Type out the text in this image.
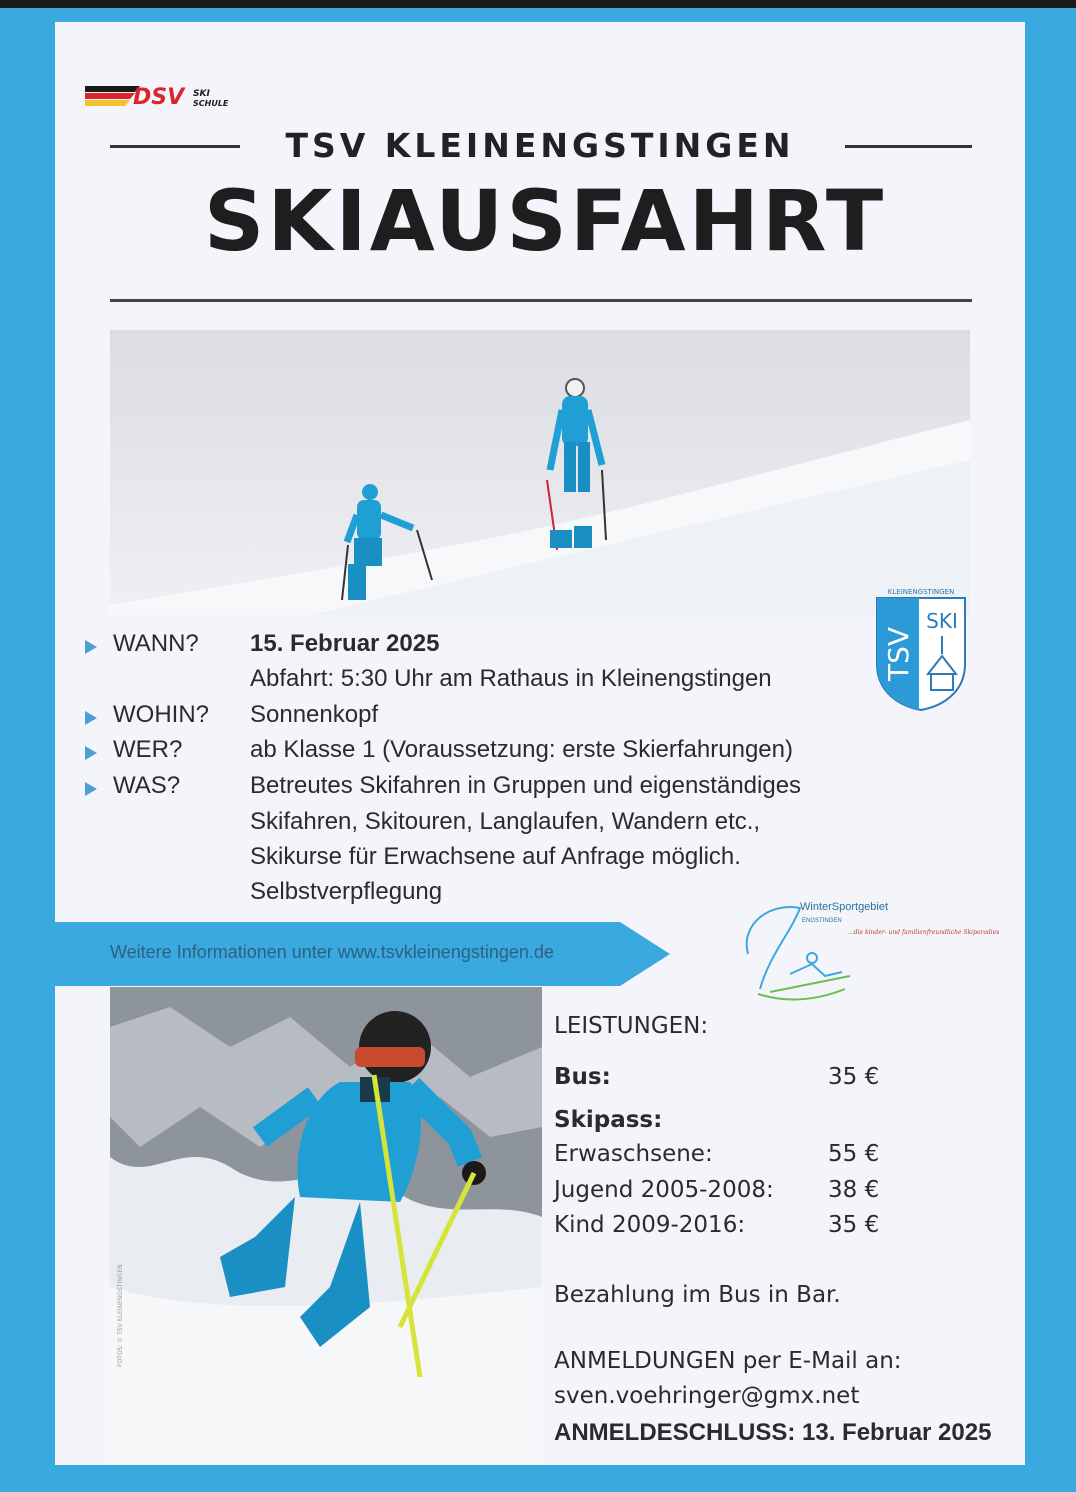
DSV SKI
SCHULE
TSV KLEINENGSTINGEN
SKIAUSFAHRT
KLEINENGSTINGEN
TSV
SKI
WANN? 15. Februar 2025
Abfahrt: 5:30 Uhr am Rathaus in Kleinengstingen
WOHIN? Sonnenkopf
WER?	ab Klasse 1 (Voraussetzung: erste Skierfahrungen)
WAS?	Betreutes Skifahren in Gruppen und eigenständiges
Skifahren, Skitouren, Langlaufen, Wandern etc.,
Skikurse für Erwachsene auf Anfrage möglich.
Selbstverpflegung
Weitere Informationen unter www.tsvkleinengstingen.de
WinterSportgebiet
ENGSTINGEN
...die kinder- und familienfreundliche Skiparadies
FOTOS: © TSV KLEINENGSTINGEN
LEISTUNGEN:
Bus:	35 €
Skipass:
Erwaschsene:	55 €
Jugend 2005-2008: 38 €
Kind 2009-2016:	35 €
Bezahlung im Bus in Bar.
ANMELDUNGEN per E-Mail an:
sven.voehringer@gmx.net
ANMELDESCHLUSS: 13. Februar 2025
